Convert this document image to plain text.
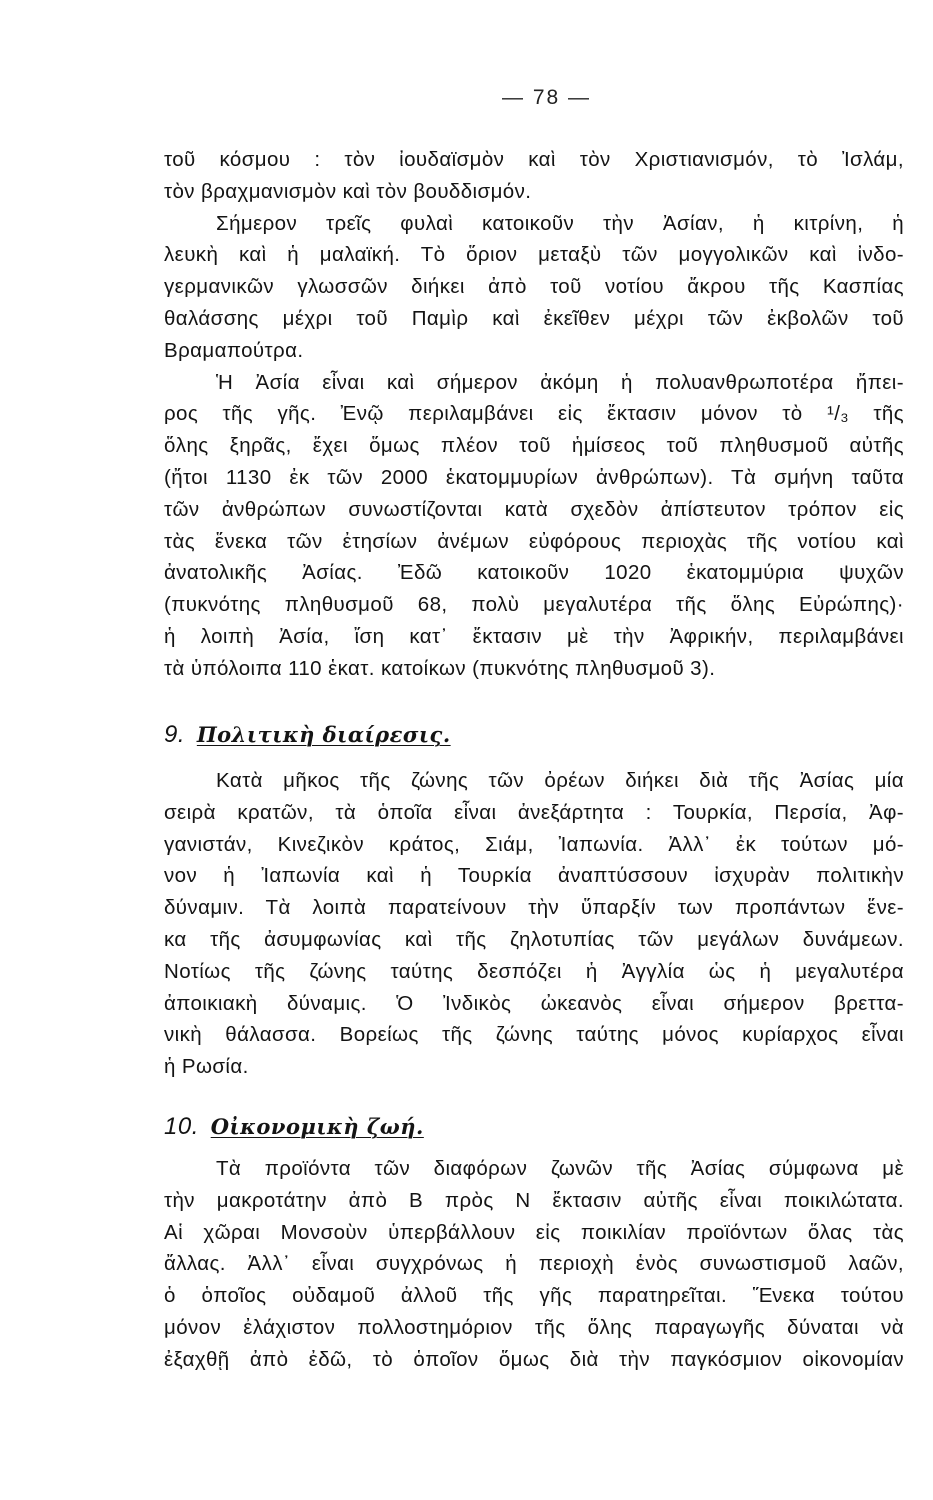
— 78 —
τοῦ κόσμου : τὸν ἰουδαϊσμὸν καὶ τὸν Χριστιανισμόν, τὸ Ἰσλάμ,
τὸν βραχμανισμὸν καὶ τὸν βουδδισμόν.
Σήμερον τρεῖς φυλαὶ κατοικοῦν τὴν Ἀσίαν, ἡ κιτρίνη, ἡ
λευκὴ καὶ ἡ μαλαϊκή. Τὸ ὅριον μεταξὺ τῶν μογγολικῶν καὶ ἰνδο-
γερμανικῶν γλωσσῶν διήκει ἀπὸ τοῦ νοτίου ἄκρου τῆς Κασπίας
θαλάσσης μέχρι τοῦ Παμὶρ καὶ ἐκεῖθεν μέχρι τῶν ἐκβολῶν τοῦ
Βραμαπούτρα.
Ἡ Ἀσία εἶναι καὶ σήμερον ἀκόμη ἡ πολυανθρωποτέρα ἤπει-
ρος τῆς γῆς. Ἐνῷ περιλαμβάνει εἰς ἔκτασιν μόνον τὸ ¹/₃ τῆς
ὅλης ξηρᾶς, ἔχει ὅμως πλέον τοῦ ἡμίσεος τοῦ πληθυσμοῦ αὐτῆς
(ἤτοι 1130 ἐκ τῶν 2000 ἑκατομμυρίων ἀνθρώπων). Τὰ σμήνη ταῦτα
τῶν ἀνθρώπων συνωστίζονται κατὰ σχεδὸν ἀπίστευτον τρόπον εἰς
τὰς ἕνεκα τῶν ἐτησίων ἀνέμων εὐφόρους περιοχὰς τῆς νοτίου καὶ
ἀνατολικῆς Ἀσίας. Ἐδῶ κατοικοῦν 1020 ἑκατομμύρια ψυχῶν
(πυκνότης πληθυσμοῦ 68, πολὺ μεγαλυτέρα τῆς ὅλης Εὐρώπης)·
ἡ λοιπὴ Ἀσία, ἴση κατ᾽ ἔκτασιν μὲ τὴν Ἀφρικήν, περιλαμβάνει
τὰ ὑπόλοιπα 110 ἑκατ. κατοίκων (πυκνότης πληθυσμοῦ 3).
9. Πολιτικὴ διαίρεσις.
Κατὰ μῆκος τῆς ζώνης τῶν ὀρέων διήκει διὰ τῆς Ἀσίας μία
σειρὰ κρατῶν, τὰ ὁποῖα εἶναι ἀνεξάρτητα : Τουρκία, Περσία, Ἀφ-
γανιστάν, Κινεζικὸν κράτος, Σιάμ, Ἰαπωνία. Ἀλλ᾽ ἐκ τούτων μό-
νον ἡ Ἰαπωνία καὶ ἡ Τουρκία ἀναπτύσσουν ἰσχυρὰν πολιτικὴν
δύναμιν. Τὰ λοιπὰ παρατείνουν τὴν ὕπαρξίν των προπάντων ἕνε-
κα τῆς ἀσυμφωνίας καὶ τῆς ζηλοτυπίας τῶν μεγάλων δυνάμεων.
Νοτίως τῆς ζώνης ταύτης δεσπόζει ἡ Ἀγγλία ὡς ἡ μεγαλυτέρα
ἀποικιακὴ δύναμις. Ὁ Ἰνδικὸς ὠκεανὸς εἶναι σήμερον βρεττα-
νικὴ θάλασσα. Βορείως τῆς ζώνης ταύτης μόνος κυρίαρχος εἶναι
ἡ Ρωσία.
10. Οἰκονομικὴ ζωή.
Τὰ προϊόντα τῶν διαφόρων ζωνῶν τῆς Ἀσίας σύμφωνα μὲ
τὴν μακροτάτην ἀπὸ Β πρὸς Ν ἔκτασιν αὐτῆς εἶναι ποικιλώτατα.
Αἱ χῶραι Μονσοὺν ὑπερβάλλουν εἰς ποικιλίαν προϊόντων ὅλας τὰς
ἄλλας. Ἀλλ᾽ εἶναι συγχρόνως ἡ περιοχὴ ἑνὸς συνωστισμοῦ λαῶν,
ὁ ὁποῖος οὐδαμοῦ ἀλλοῦ τῆς γῆς παρατηρεῖται. Ἕνεκα τούτου
μόνον ἐλάχιστον πολλοστημόριον τῆς ὅλης παραγωγῆς δύναται νὰ
ἐξαχθῇ ἀπὸ ἐδῶ, τὸ ὁποῖον ὅμως διὰ τὴν παγκόσμιον οἰκονομίαν
